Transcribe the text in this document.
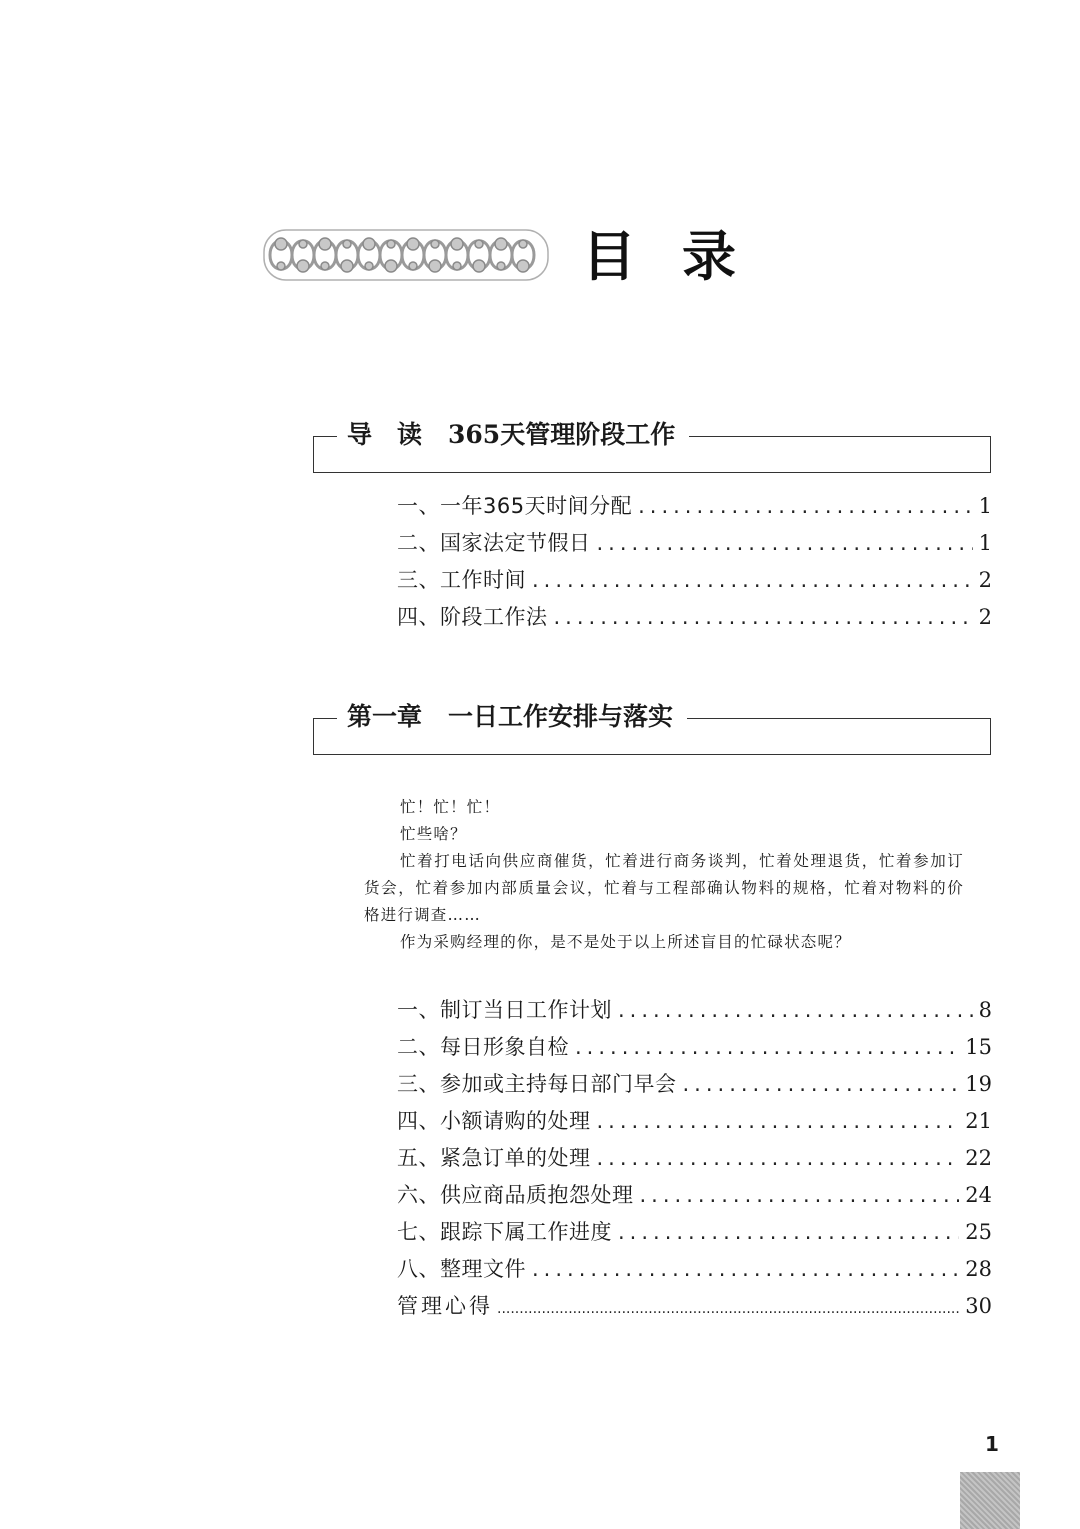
目 录
导　读 365天管理阶段工作
一、一年365天时间分配 .....	1
二、国家法定节假日 .....	1
三、工作时间 .....	2
四、阶段工作法 .....	2
第一章 一日工作安排与落实

忙！忙！忙！

忙些啥？

忙着打电话向供应商催货，忙着进行商务谈判，忙着处理退货，忙着参加订货会，忙着参加内部质量会议，忙着与工程部确认物料的规格，忙着对物料的价格进行调查……

作为采购经理的你，是不是处于以上所述盲目的忙碌状态呢？

一、制订当日工作计划 .....	8
二、每日形象自检 .....	15
三、参加或主持每日部门早会 .....	19
四、小额请购的处理 .....	21
五、紧急订单的处理 .....	22
六、供应商品质抱怨处理 .....	24
七、跟踪下属工作进度 .....	25
八、整理文件 .....	28
管理心得 .....	30
1
